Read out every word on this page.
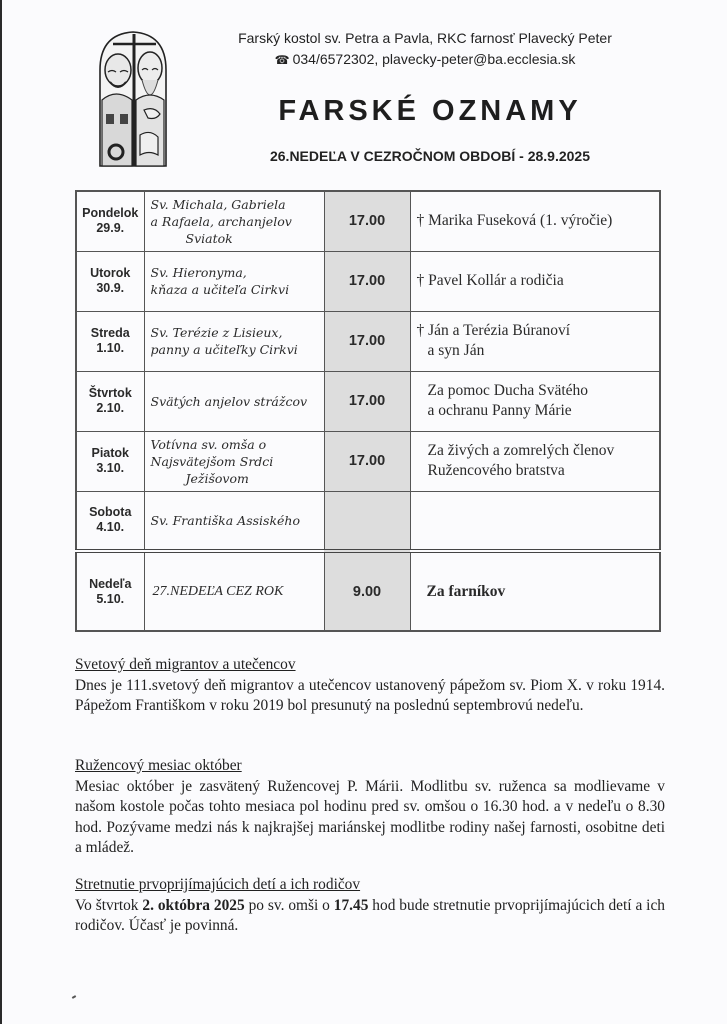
Farský kostol sv. Petra a Pavla, RKC farnosť Plavecký Peter
☎ 034/6572302, plavecky-peter@ba.ecclesia.sk
FARSKÉ OZNAMY
26.NEDEĽA V CEZROČNOM OBDOBÍ - 28.9.2025
Pondelok
29.9.	Sv. Michala, Gabriela
a Rafaela, archanjelov
Sviatok	17.00	† Marika Fuseková (1. výročie)

Utorok
30.9.	Sv. Hieronyma,
kňaza a učiteľa Cirkvi	17.00	† Pavel Kollár a rodičia

Streda
1.10.	Sv. Terézie z Lisieux,
panny a učiteľky Cirkvi	17.00	† Ján a Terézia Búranoví
a syn Ján

Štvrtok
2.10.	Svätých anjelov strážcov	17.00	Za pomoc Ducha Svätého
a ochranu Panny Márie

Piatok
3.10.	Votívna sv. omša o
Najsvätejšom Srdci
Ježišovom	17.00	Za živých a zomrelých členov
Ružencového bratstva

Sobota
4.10.	Sv. Františka Assiského		

Nedeľa
5.10.	27.NEDEĽA CEZ ROK	9.00	Za farníkov
Svetový deň migrantov a utečencov

Dnes je 111.svetový deň migrantov a utečencov ustanovený pápežom sv. Piom X. v roku 1914. Pápežom Františkom v roku 2019 bol presunutý na poslednú septembrovú nedeľu.

Ružencový mesiac október

Mesiac október je zasvätený Ružencovej P. Márii. Modlitbu sv. ruženca sa modlievame v našom kostole počas tohto mesiaca pol hodinu pred sv. omšou o 16.30 hod. a v nedeľu o 8.30 hod. Pozývame medzi nás k najkrajšej mariánskej modlitbe rodiny našej farnosti, osobitne deti a mládež.

Stretnutie prvoprijímajúcich detí a ich rodičov

Vo štvrtok 2. októbra 2025 po sv. omši o 17.45 hod bude stretnutie prvoprijímajúcich detí a ich rodičov. Účasť je povinná.
